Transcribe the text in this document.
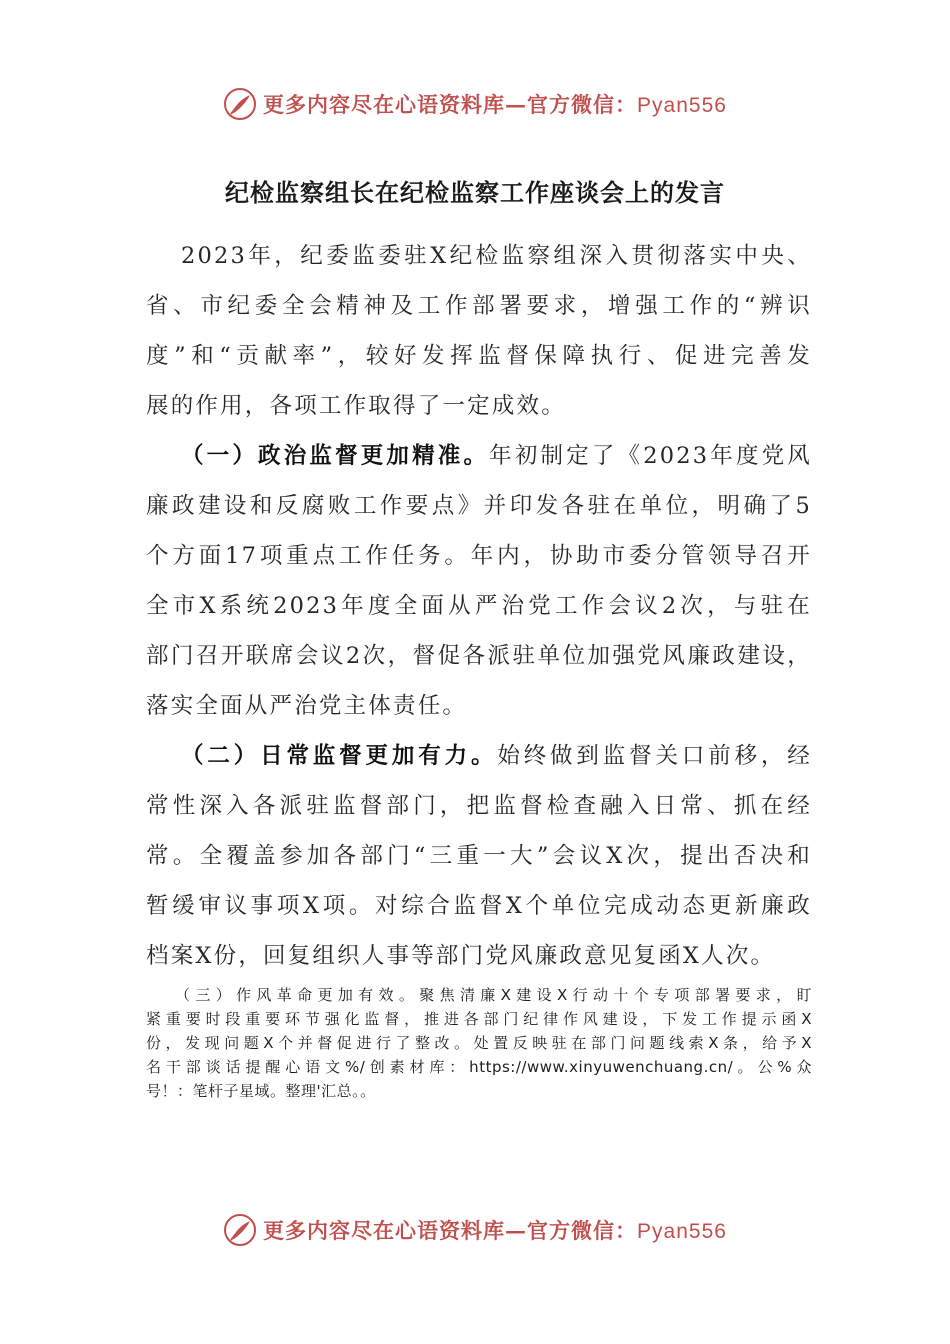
更多内容尽在心语资料库—官方微信：Pyan556
纪检监察组长在纪检监察工作座谈会上的发言
2023年，纪委监委驻X纪检监察组深入贯彻落实中央、
省、市纪委全会精神及工作部署要求，增强工作的“辨识
度”和“贡献率”，较好发挥监督保障执行、促进完善发
展的作用，各项工作取得了一定成效。
（一）政治监督更加精准。年初制定了《2023年度党风
廉政建设和反腐败工作要点》并印发各驻在单位，明确了5
个方面17项重点工作任务。年内，协助市委分管领导召开
全市X系统2023年度全面从严治党工作会议2次，与驻在
部门召开联席会议2次，督促各派驻单位加强党风廉政建设，
落实全面从严治党主体责任。
（二）日常监督更加有力。始终做到监督关口前移，经
常性深入各派驻监督部门，把监督检查融入日常、抓在经
常。全覆盖参加各部门“三重一大”会议X次，提出否决和
暂缓审议事项X项。对综合监督X个单位完成动态更新廉政
档案X份，回复组织人事等部门党风廉政意见复函X人次。
（三）作风革命更加有效。聚焦清廉X建设X行动十个专项部署要求，盯
紧重要时段重要环节强化监督，推进各部门纪律作风建设，下发工作提示函X
份，发现问题X个并督促进行了整改。处置反映驻在部门问题线索X条，给予X
名干部谈话提醒心语文%/创素材库：https://www.xinyuwenchuang.cn/。公%众
号！：笔杆子星域。整理'汇总。。
更多内容尽在心语资料库—官方微信：Pyan556
